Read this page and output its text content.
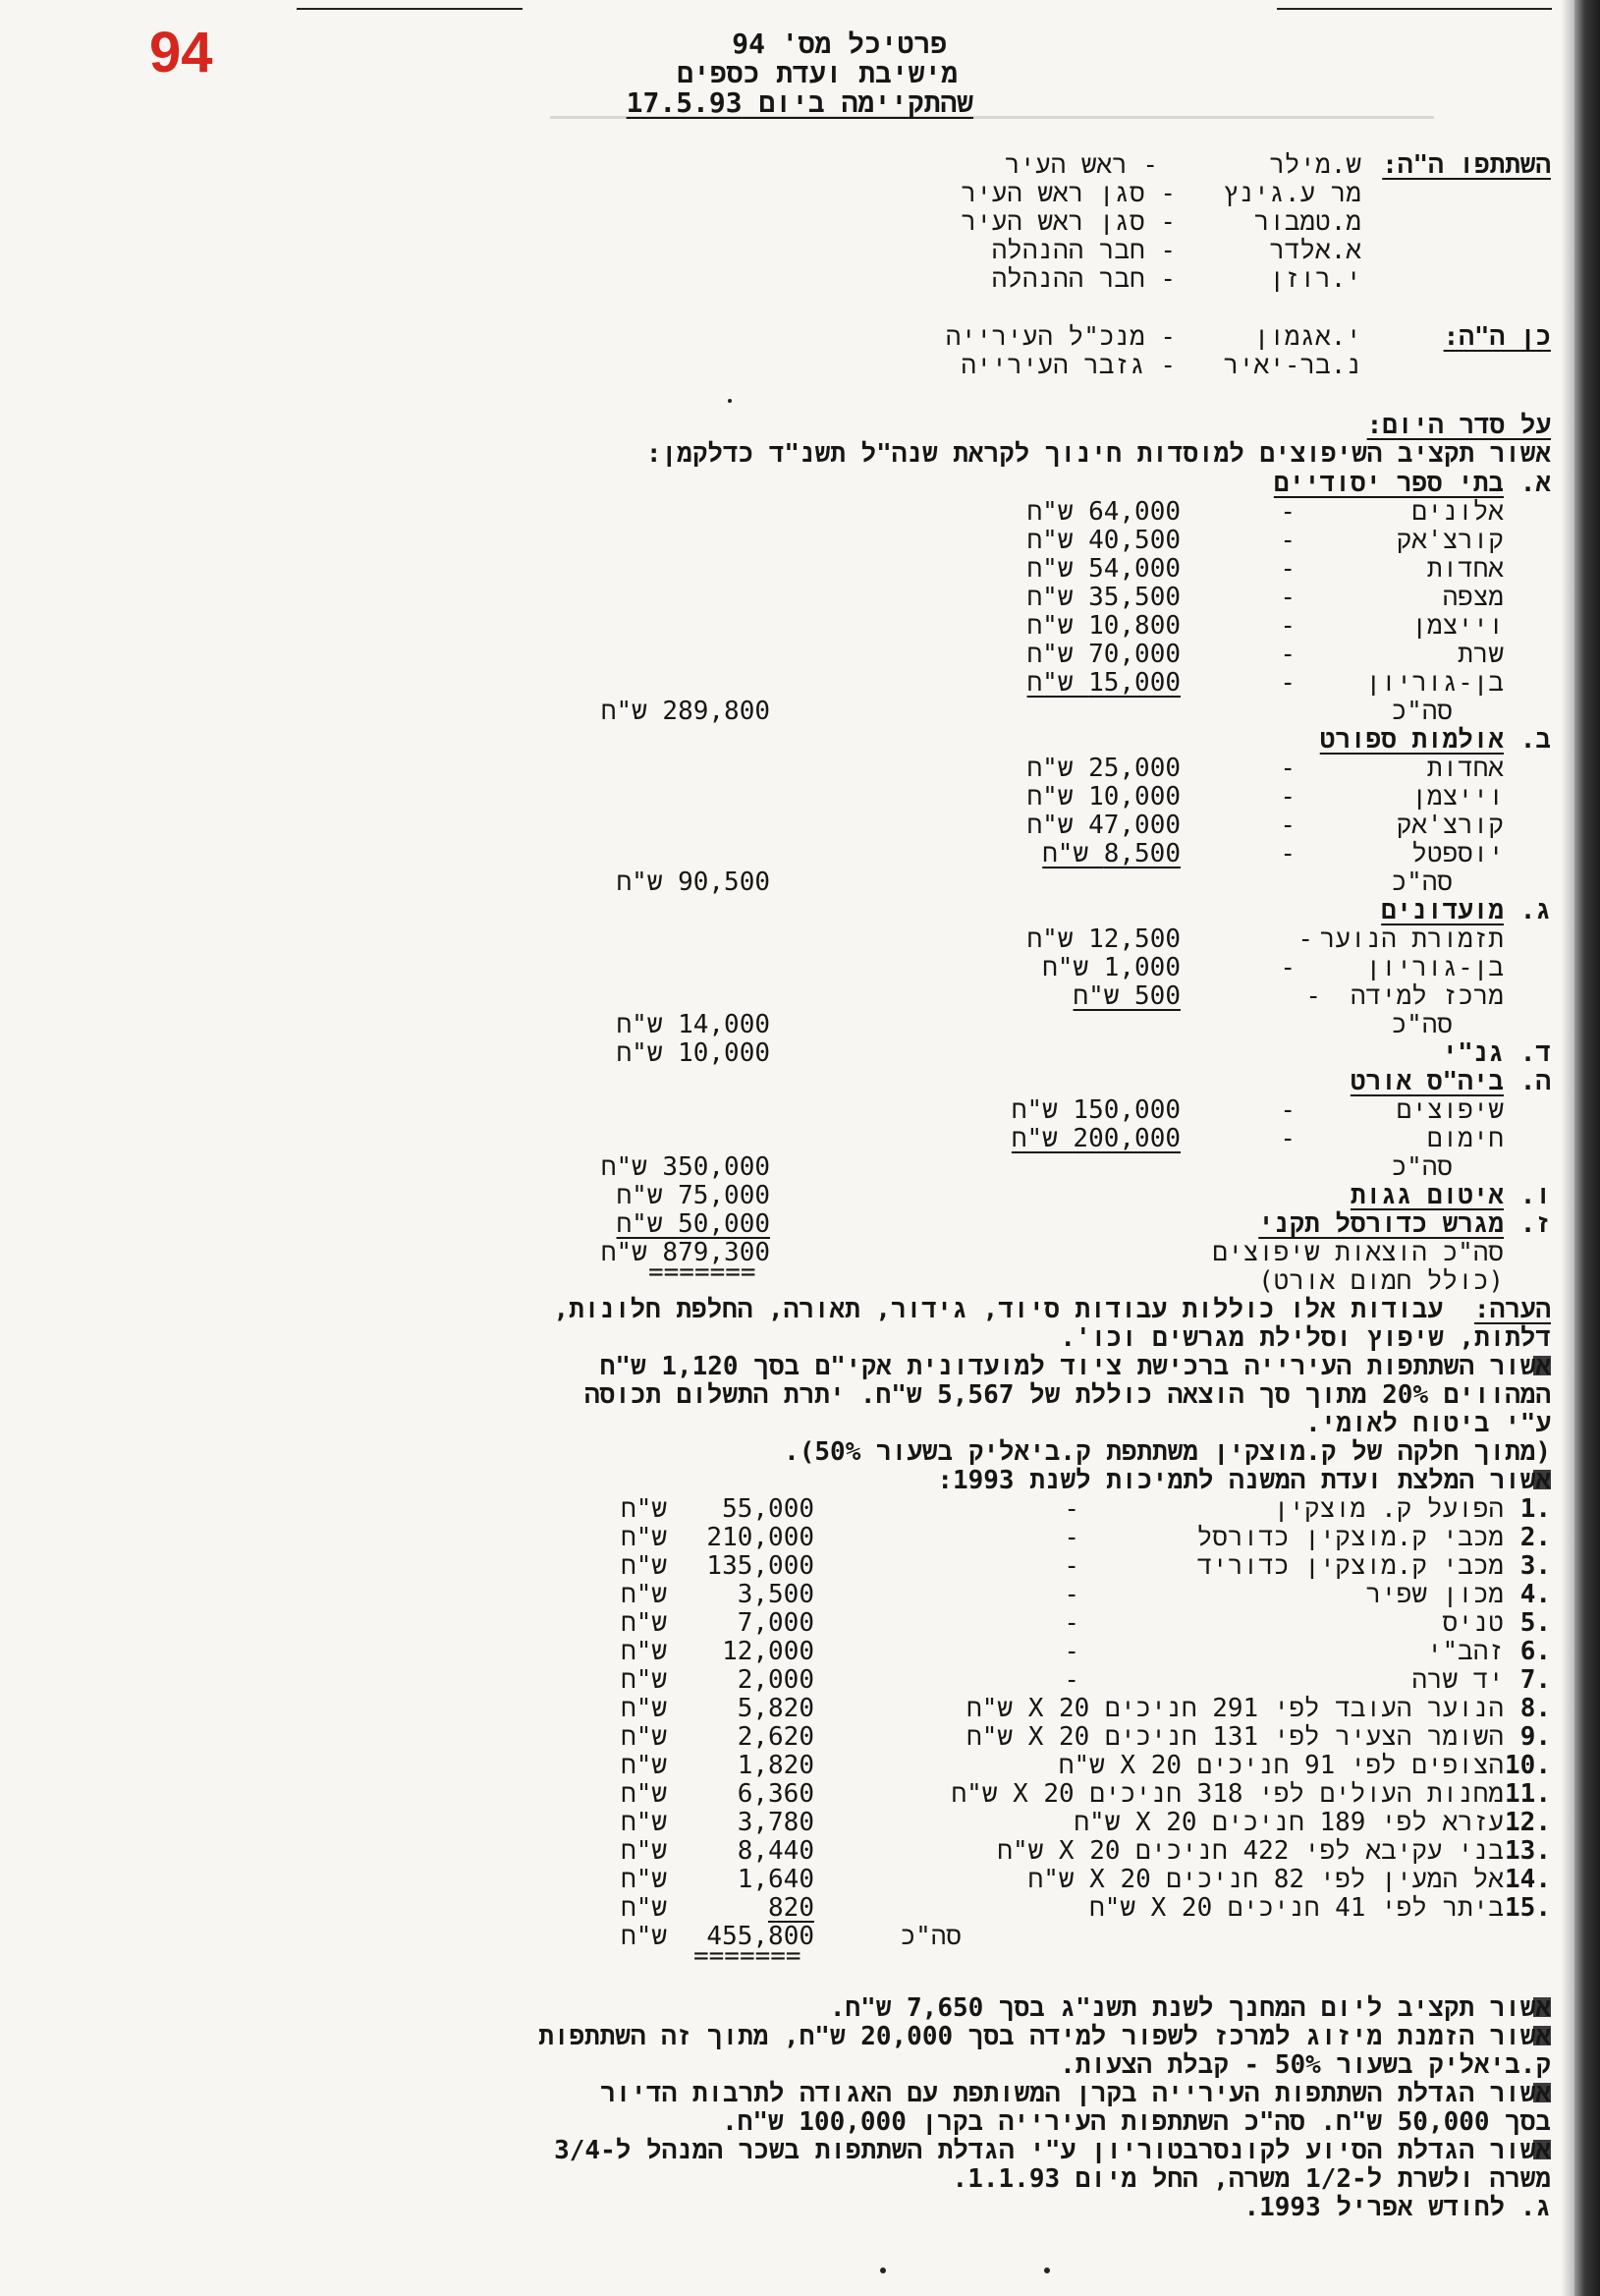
94	פרטיכל מס' 94
מישיבת ועדת כספים
שהתקיימה ביום 17.5.93
השתתפו ה"ה:
ש.מילר
- ראש העיר
מר ע.גינץ
- סגן ראש העיר
מ.טמבור
- סגן ראש העיר
א.אלדר
- חבר ההנהלה
י.רוזן
- חבר ההנהלה
כן ה"ה:
י.אגמון
- מנכ"ל העירייה
נ.בר-יאיר
- גזבר העירייה
על סדר היום:
אשור תקציב השיפוצים למוסדות חינוך לקראת שנה"ל תשנ"ד כדלקמן:
א.
בתי ספר יסודיים
אלונים
-
64,000 ש"ח
קורצ'אק
-
40,500 ש"ח
אחדות
-
54,000 ש"ח
מצפה
-
35,500 ש"ח
וייצמן
-
10,800 ש"ח
שרת
-
70,000 ש"ח
בן-גוריון
-
15,000 ש"ח
סה"כ
289,800 ש"ח
ב.
אולמות ספורט
אחדות
-
25,000 ש"ח
וייצמן
-
10,000 ש"ח
קורצ'אק
-
47,000 ש"ח
יוספטל
-
8,500 ש"ח
סה"כ
90,500 ש"ח
ג.
מועדונים
תזמורת הנוער
-
12,500 ש"ח
בן-גוריון
-
1,000 ש"ח
מרכז למידה
-
500 ש"ח
סה"כ
14,000 ש"ח
ד.
גנ"י
10,000 ש"ח
ה.
ביה"ס אורט
שיפוצים
-
150,000 ש"ח
חימום
-
200,000 ש"ח
סה"כ
350,000 ש"ח
ו.
איטום גגות
75,000 ש"ח
ז.
מגרש כדורסל תקני
50,000 ש"ח
סה"כ הוצאות שיפוצים
879,300 ש"ח
(כולל חמום אורט)
=======
הערה:
עבודות אלו כוללות עבודות סיוד, גידור, תאורה, החלפת חלונות,
דלתות, שיפוץ וסלילת מגרשים וכו'.
אשור השתתפות העירייה ברכישת ציוד למועדונית אקי"ם בסך 1,120 ש"ח
המהווים 20% מתוך סך הוצאה כוללת של 5,567 ש"ח. יתרת התשלום תכוסה
ע"י ביטוח לאומי.
(מתוך חלקה של ק.מוצקין משתתפת ק.ביאליק בשעור 50%).
אשור המלצת ועדת המשנה לתמיכות לשנת 1993:
1.
הפועל ק. מוצקין
-
55,000
ש"ח
2.
מכבי ק.מוצקין כדורסל
-
210,000
ש"ח
3.
מכבי ק.מוצקין כדוריד
-
135,000
ש"ח
4.
מכון שפיר
-
3,500
ש"ח
5.
טניס
-
7,000
ש"ח
6.
זהב"י
-
12,000
ש"ח
7.
יד שרה
-
2,000
ש"ח
8.
הנוער העובד לפי 291 חניכים X 20 ש"ח
5,820
ש"ח
9.
השומר הצעיר לפי 131 חניכים X 20 ש"ח
2,620
ש"ח
10.
הצופים לפי 91 חניכים X 20 ש"ח
1,820
ש"ח
11.
מחנות העולים לפי 318 חניכים X 20 ש"ח
6,360
ש"ח
12.
עזרא לפי 189 חניכים X 20 ש"ח
3,780
ש"ח
13.
בני עקיבא לפי 422 חניכים X 20 ש"ח
8,440
ש"ח
14.
אל המעין לפי 82 חניכים X 20 ש"ח
1,640
ש"ח
15.
ביתר לפי 41 חניכים X 20 ש"ח
820
ש"ח
סה"כ
455,800
ש"ח
=======
אשור תקציב ליום המחנך לשנת תשנ"ג בסך 7,650 ש"ח.
אשור הזמנת מיזוג למרכז לשפור למידה בסך 20,000 ש"ח, מתוך זה השתתפות
ק.ביאליק בשעור 50% - קבלת הצעות.
אשור הגדלת השתתפות העירייה בקרן המשותפת עם האגודה לתרבות הדיור
בסך 50,000 ש"ח. סה"כ השתתפות העירייה בקרן 100,000 ש"ח.
אשור הגדלת הסיוע לקונסרבטוריון ע"י הגדלת השתתפות בשכר המנהל ל-3/4
משרה ולשרת ל-1/2 משרה, החל מיום 1.1.93.
ג. לחודש אפריל 1993.
